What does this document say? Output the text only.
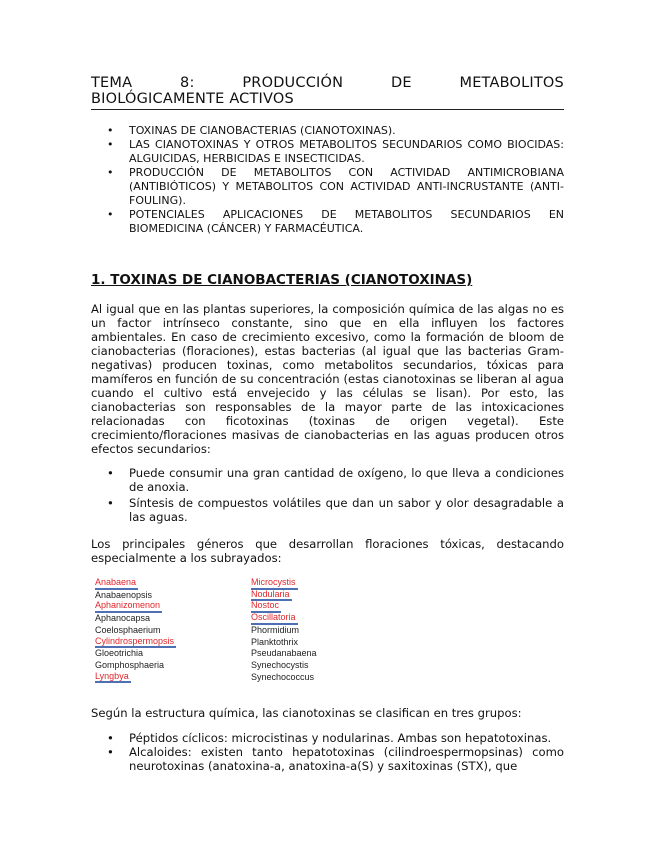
TEMA	8:	PRODUCCIÓN	DE	METABOLITOS
BIOLÓGICAMENTE ACTIVOS
• TOXINAS DE CIANOBACTERIAS (CIANOTOXINAS).
• LAS CIANOTOXINAS Y OTROS METABOLITOS SECUNDARIOS COMO BIOCIDAS: ALGUICIDAS, HERBICIDAS E INSECTICIDAS.
• PRODUCCIÓN DE METABOLITOS CON ACTIVIDAD ANTIMICROBIANA (ANTIBIÓTICOS) Y METABOLITOS CON ACTIVIDAD ANTI-INCRUSTANTE (ANTI-FOULING).
• POTENCIALES APLICACIONES DE METABOLITOS SECUNDARIOS EN BIOMEDICINA (CÁNCER) Y FARMACÉUTICA.
1. TOXINAS DE CIANOBACTERIAS (CIANOTOXINAS)

Al igual que en las plantas superiores, la composición química de las algas no es un factor intrínseco constante, sino que en ella influyen los factores ambientales. En caso de crecimiento excesivo, como la formación de bloom de cianobacterias (floraciones), estas bacterias (al igual que las bacterias Gram-negativas) producen toxinas, como metabolitos secundarios, tóxicas para mamíferos en función de su concentración (estas cianotoxinas se liberan al agua cuando el cultivo está envejecido y las células se lisan). Por esto, las cianobacterias son responsables de la mayor parte de las intoxicaciones relacionadas con ficotoxinas (toxinas de origen vegetal). Este crecimiento/floraciones masivas de cianobacterias en las aguas producen otros efectos secundarios:

• Puede consumir una gran cantidad de oxígeno, lo que lleva a condiciones de anoxia.
• Síntesis de compuestos volátiles que dan un sabor y olor desagradable a las aguas.

Los principales géneros que desarrollan floraciones tóxicas, destacando especialmente a los subrayados:

Anabaena
Anabaenopsis
Aphanizomenon
Aphanocapsa
Coelosphaerium
Cylindrospermopsis
Gloeotrichia
Gomphosphaeria
Lyngbya
Microcystis
Nodularia
Nostoc
Oscillatoria
Phormidium
Planktothrix
Pseudanabaena
Synechocystis
Synechococcus

Según la estructura química, las cianotoxinas se clasifican en tres grupos:

• Péptidos cíclicos: microcistinas y nodularinas. Ambas son hepatotoxinas.
• Alcaloides: existen tanto hepatotoxinas (cilindroespermopsinas) como neurotoxinas (anatoxina-a, anatoxina-a(S) y saxitoxinas (STX), que
